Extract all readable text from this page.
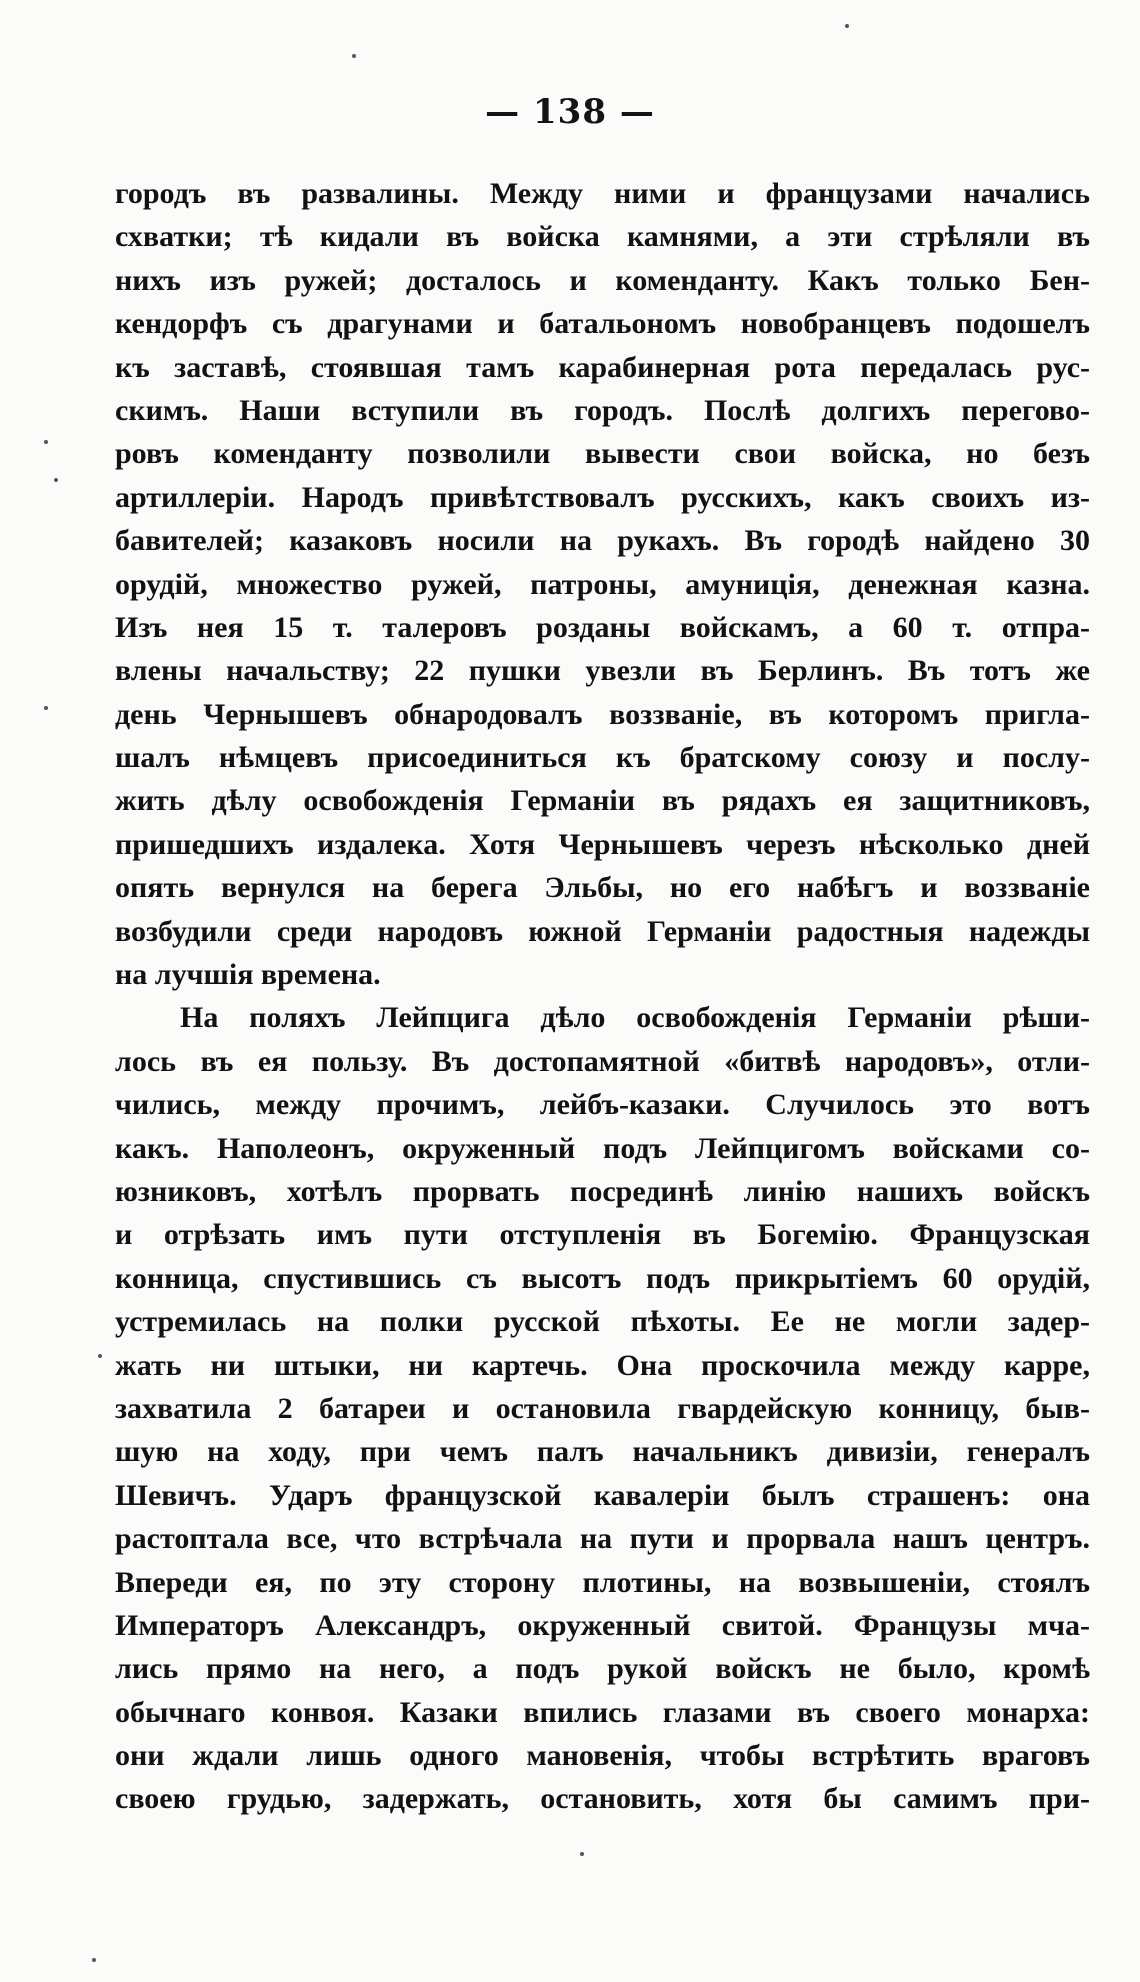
— 138 —
городъ въ развалины. Между ними и французами начались
схватки; тѣ кидали въ войска камнями, а эти стрѣляли въ
нихъ изъ ружей; досталось и коменданту. Какъ только Бен-
кендорфъ съ драгунами и батальономъ новобранцевъ подошелъ
къ заставѣ, стоявшая тамъ карабинерная рота передалась рус-
скимъ. Наши вступили въ городъ. Послѣ долгихъ перегово-
ровъ коменданту позволили вывести свои войска, но безъ
артиллеріи. Народъ привѣтствовалъ русскихъ, какъ своихъ из-
бавителей; казаковъ носили на рукахъ. Въ городѣ найдено 30
орудій, множество ружей, патроны, амуниція, денежная казна.
Изъ нея 15 т. талеровъ розданы войскамъ, а 60 т. отпра-
влены начальству; 22 пушки увезли въ Берлинъ. Въ тотъ же
день Чернышевъ обнародовалъ воззваніе, въ которомъ пригла-
шалъ нѣмцевъ присоединиться къ братскому союзу и послу-
жить дѣлу освобожденія Германіи въ рядахъ ея защитниковъ,
пришедшихъ издалека. Хотя Чернышевъ черезъ нѣсколько дней
опять вернулся на берега Эльбы, но его набѣгъ и воззваніе
возбудили среди народовъ южной Германіи радостныя надежды
на лучшія времена.
На поляхъ Лейпцига дѣло освобожденія Германіи рѣши-
лось въ ея пользу. Въ достопамятной «битвѣ народовъ», отли-
чились, между прочимъ, лейбъ-казаки. Случилось это вотъ
какъ. Наполеонъ, окруженный подъ Лейпцигомъ войсками со-
юзниковъ, хотѣлъ прорвать посрединѣ линію нашихъ войскъ
и отрѣзать имъ пути отступленія въ Богемію. Французская
конница, спустившись съ высотъ подъ прикрытіемъ 60 орудій,
устремилась на полки русской пѣхоты. Ее не могли задер-
жать ни штыки, ни картечь. Она проскочила между карре,
захватила 2 батареи и остановила гвардейскую конницу, быв-
шую на ходу, при чемъ палъ начальникъ дивизіи, генералъ
Шевичъ. Ударъ французской кавалеріи былъ страшенъ: она
растоптала все, что встрѣчала на пути и прорвала нашъ центръ.
Впереди ея, по эту сторону плотины, на возвышеніи, стоялъ
Императоръ Александръ, окруженный свитой. Французы мча-
лись прямо на него, а подъ рукой войскъ не было, кромѣ
обычнаго конвоя. Казаки впились глазами въ своего монарха:
они ждали лишь одного мановенія, чтобы встрѣтить враговъ
своею грудью, задержать, остановить, хотя бы самимъ при-
